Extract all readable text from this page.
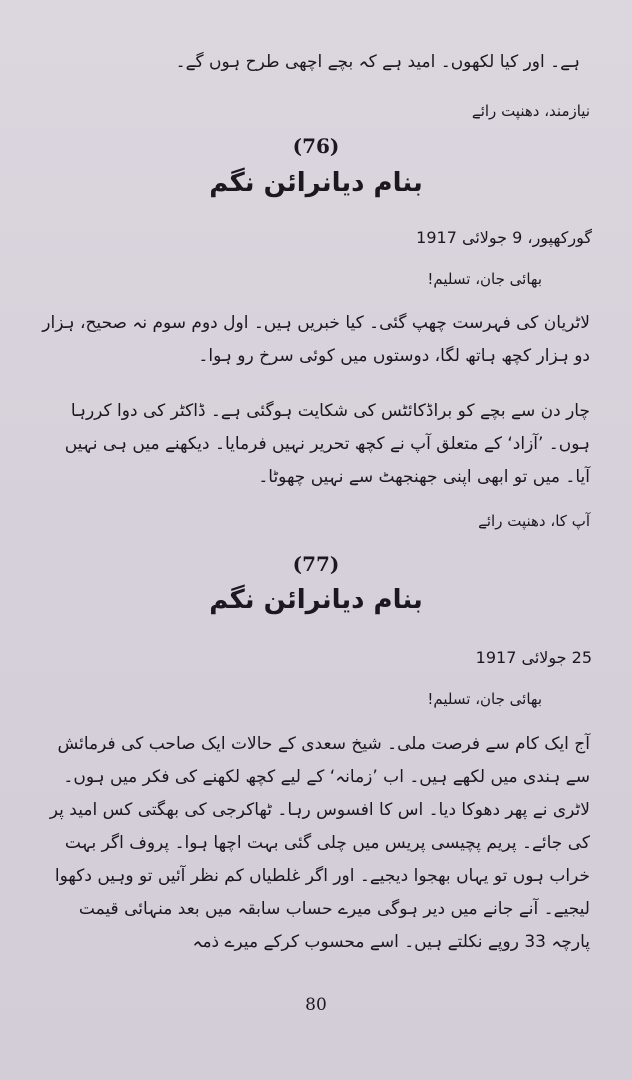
ہے۔ اور کیا لکھوں۔ امید ہے کہ بچے اچھی طرح ہوں گے۔
نیازمند، دھنپت رائے
(76)
بنام دیانرائن نگم
گورکھپور، 9 جولائی 1917
بھائی جان، تسلیم!
لاٹریان کی فہرست چھپ گئی۔ کیا خبریں ہیں۔ اول دوم سوم نہ صحیح، ہزار دو ہزار کچھ ہاتھ لگا، دوستوں میں کوئی سرخ رو ہوا۔
چار دن سے بچے کو براڈکائٹس کی شکایت ہوگئی ہے۔ ڈاکٹر کی دوا کررہا ہوں۔ ’آزاد‘ کے متعلق آپ نے کچھ تحریر نہیں فرمایا۔ دیکھنے میں ہی نہیں آیا۔ میں تو ابھی اپنی جھنجھٹ سے نہیں چھوٹا۔
آپ کا، دھنپت رائے
(77)
بنام دیانرائن نگم
25 جولائی 1917
بھائی جان، تسلیم!
آج ایک کام سے فرصت ملی۔ شیخ سعدی کے حالات ایک صاحب کی فرمائش سے ہندی میں لکھے ہیں۔ اب ’زمانہ‘ کے لیے کچھ لکھنے کی فکر میں ہوں۔ لاٹری نے پھر دھوکا دیا۔ اس کا افسوس رہا۔ ٹھاکرجی کی بھگتی کس امید پر کی جائے۔ پریم پچیسی پریس میں چلی گئی بہت اچھا ہوا۔ پروف اگر بہت خراب ہوں تو یہاں بھجوا دیجیے۔ اور اگر غلطیاں کم نظر آئیں تو وہیں دکھوا لیجیے۔ آنے جانے میں دیر ہوگی میرے حساب سابقہ میں بعد منہائی قیمت پارچہ 33 روپے نکلتے ہیں۔ اسے محسوب کرکے میرے ذمہ
80
